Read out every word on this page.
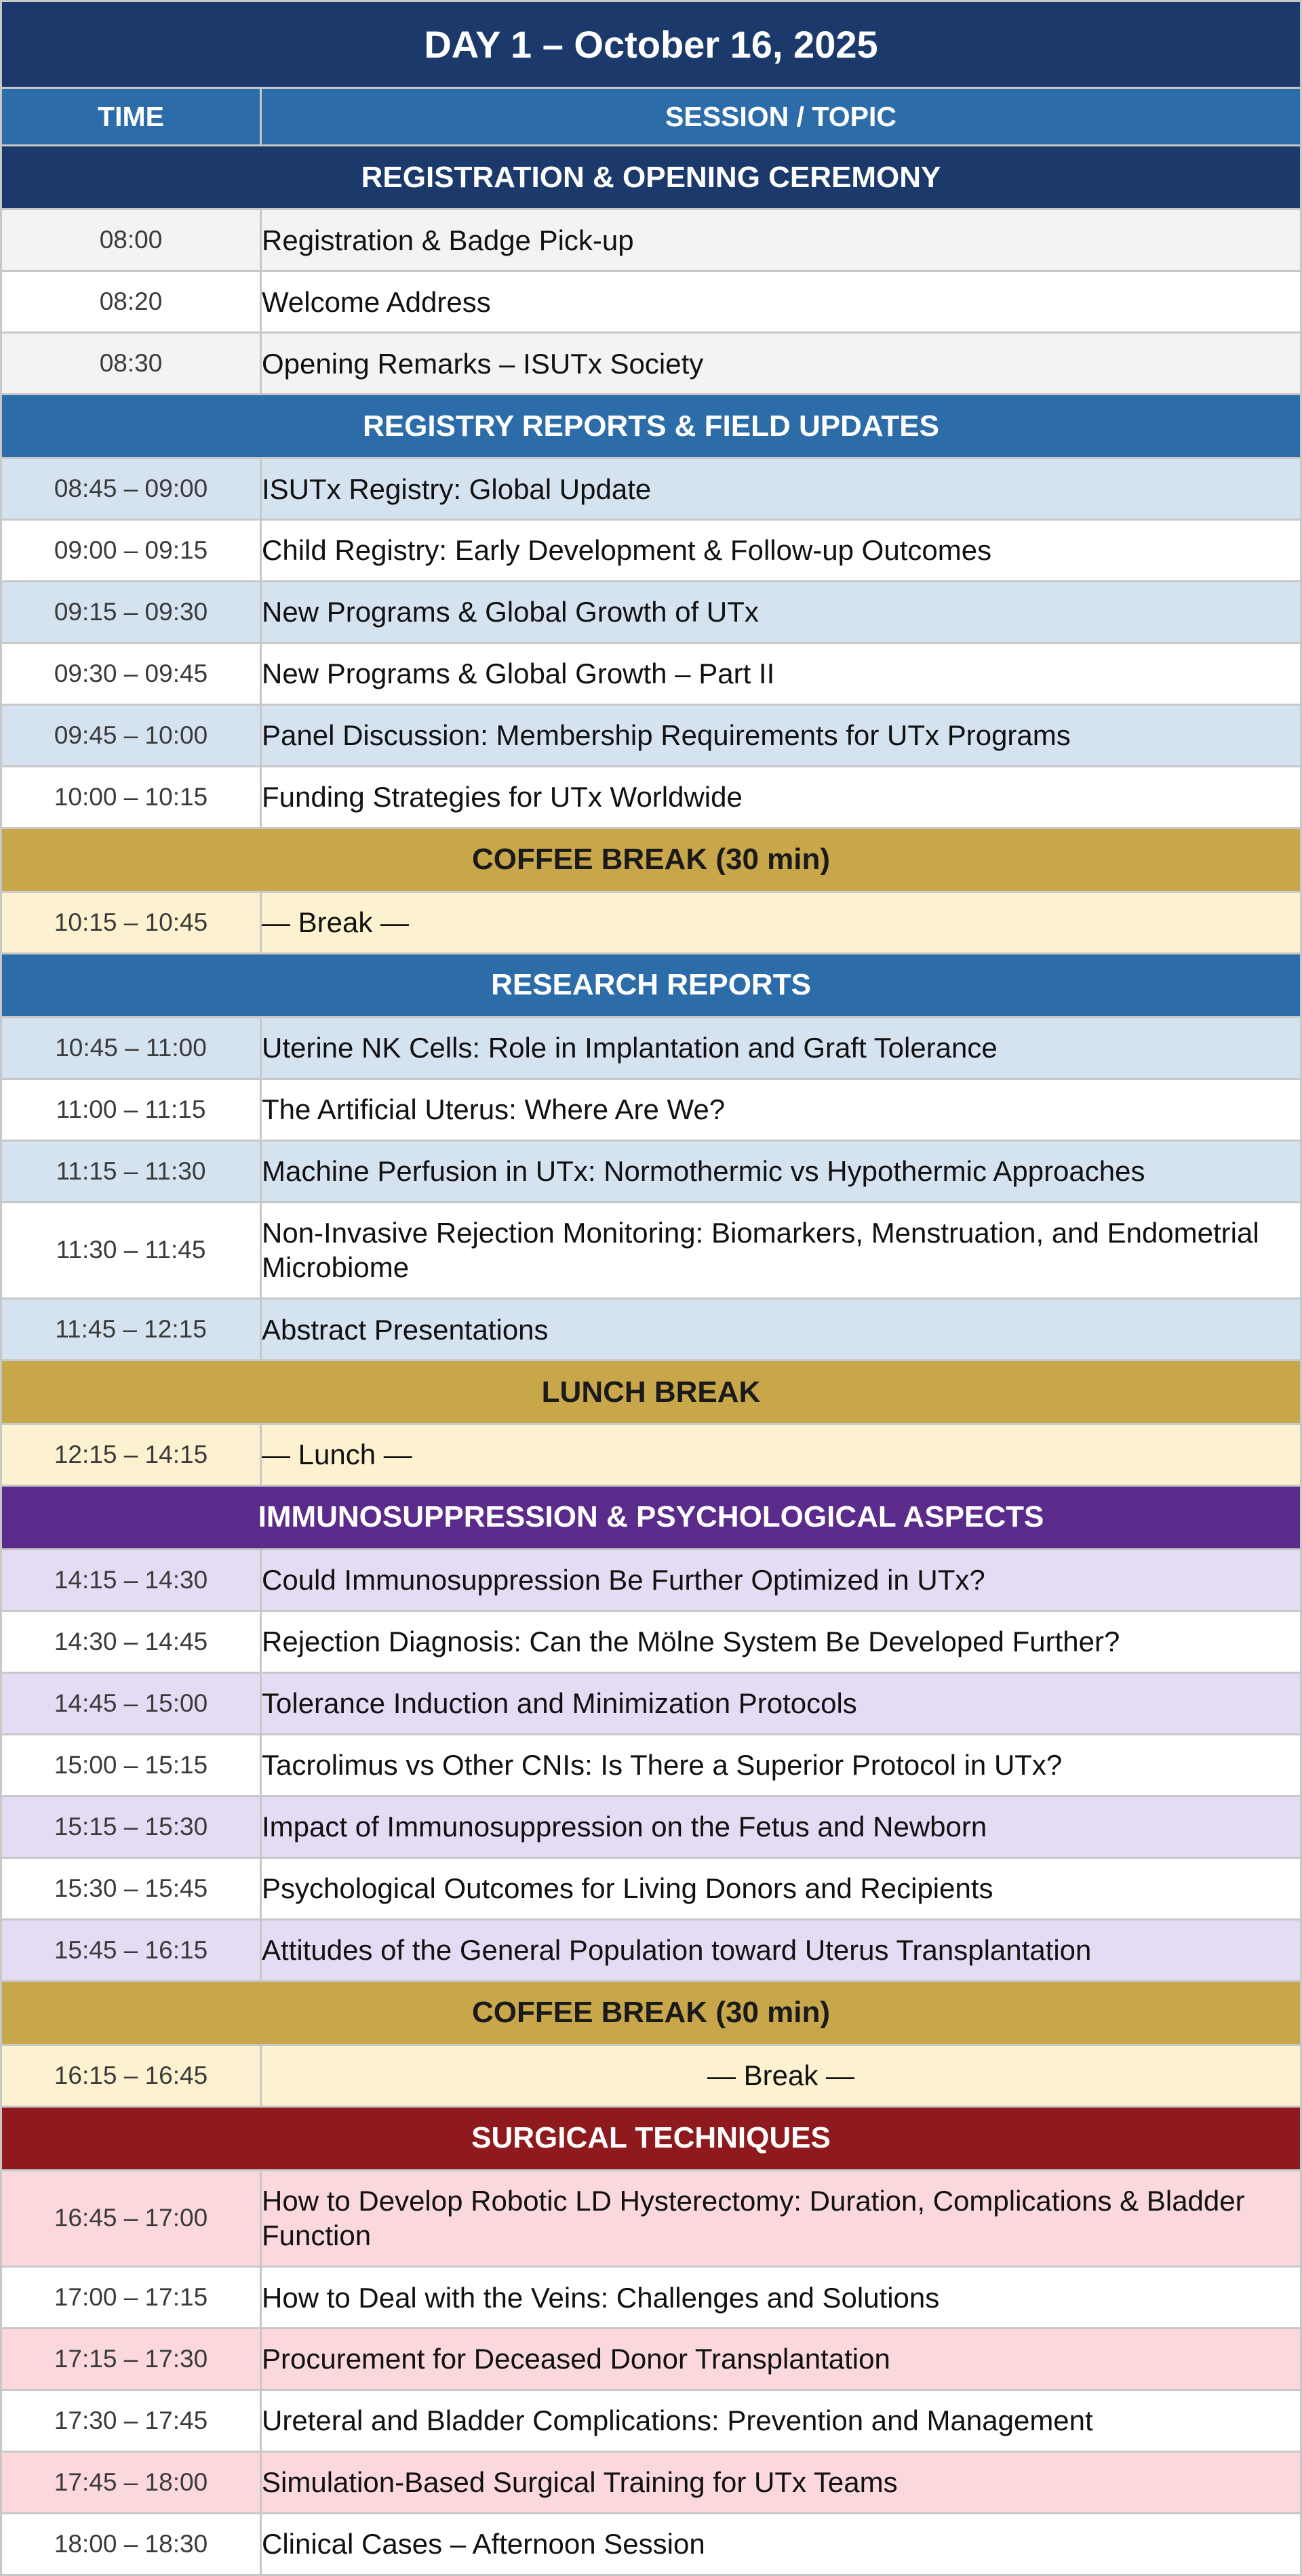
DAY 1 – October 16, 2025	
TIME	SESSION / TOPIC
REGISTRATION & OPENING CEREMONY	
08:00	Registration & Badge Pick-up
08:20	Welcome Address
08:30	Opening Remarks – ISUTx Society
REGISTRY REPORTS & FIELD UPDATES	
08:45 – 09:00	ISUTx Registry: Global Update
09:00 – 09:15	Child Registry: Early Development & Follow-up Outcomes
09:15 – 09:30	New Programs & Global Growth of UTx
09:30 – 09:45	New Programs & Global Growth – Part II
09:45 – 10:00	Panel Discussion: Membership Requirements for UTx Programs
10:00 – 10:15	Funding Strategies for UTx Worldwide
COFFEE BREAK (30 min)	
10:15 – 10:45	— Break —
RESEARCH REPORTS	
10:45 – 11:00	Uterine NK Cells: Role in Implantation and Graft Tolerance
11:00 – 11:15	The Artificial Uterus: Where Are We?
11:15 – 11:30	Machine Perfusion in UTx: Normothermic vs Hypothermic Approaches
11:30 – 11:45	Non-Invasive Rejection Monitoring: Biomarkers, Menstruation, and Endometrial Microbiome
11:45 – 12:15	Abstract Presentations
LUNCH BREAK	
12:15 – 14:15	— Lunch —
IMMUNOSUPPRESSION & PSYCHOLOGICAL ASPECTS	
14:15 – 14:30	Could Immunosuppression Be Further Optimized in UTx?
14:30 – 14:45	Rejection Diagnosis: Can the Mölne System Be Developed Further?
14:45 – 15:00	Tolerance Induction and Minimization Protocols
15:00 – 15:15	Tacrolimus vs Other CNIs: Is There a Superior Protocol in UTx?
15:15 – 15:30	Impact of Immunosuppression on the Fetus and Newborn
15:30 – 15:45	Psychological Outcomes for Living Donors and Recipients
15:45 – 16:15	Attitudes of the General Population toward Uterus Transplantation
COFFEE BREAK (30 min)	
16:15 – 16:45	— Break —
SURGICAL TECHNIQUES	
16:45 – 17:00	How to Develop Robotic LD Hysterectomy: Duration, Complications & Bladder Function
17:00 – 17:15	How to Deal with the Veins: Challenges and Solutions
17:15 – 17:30	Procurement for Deceased Donor Transplantation
17:30 – 17:45	Ureteral and Bladder Complications: Prevention and Management
17:45 – 18:00	Simulation-Based Surgical Training for UTx Teams
18:00 – 18:30	Clinical Cases – Afternoon Session
